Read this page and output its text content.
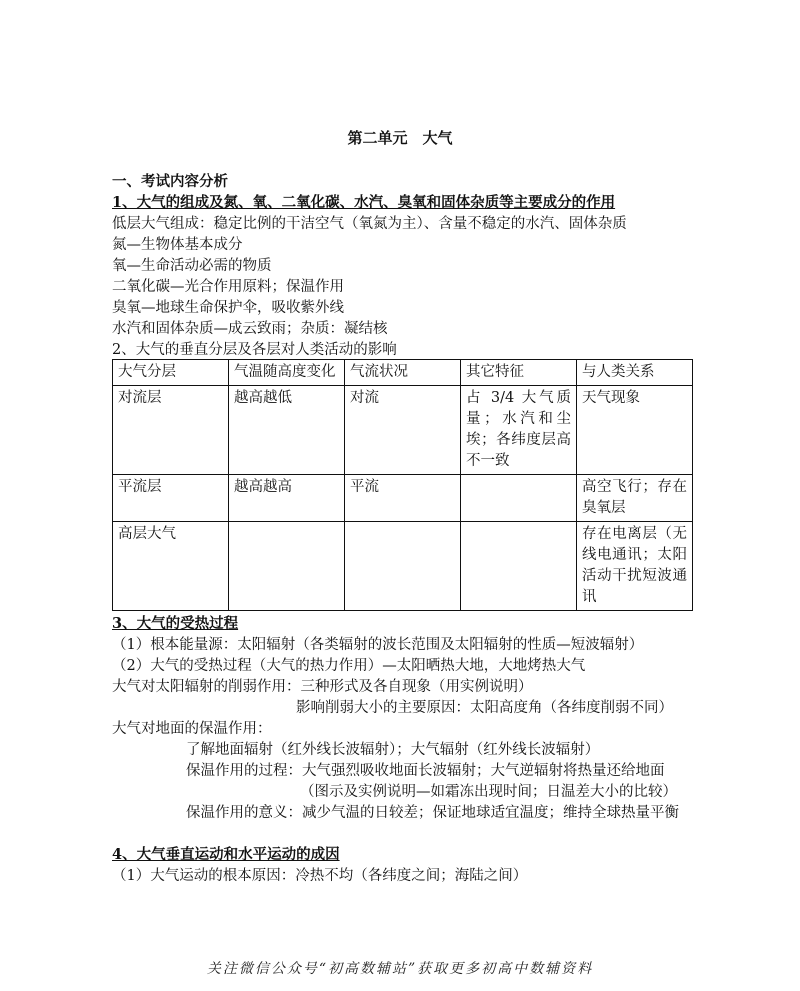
第二单元　大气
一、考试内容分析
1、大气的组成及氮、氧、二氧化碳、水汽、臭氧和固体杂质等主要成分的作用
低层大气组成：稳定比例的干洁空气（氧氮为主）、含量不稳定的水汽、固体杂质
氮—生物体基本成分
氧—生命活动必需的物质
二氧化碳—光合作用原料；保温作用
臭氧—地球生命保护伞，吸收紫外线
水汽和固体杂质—成云致雨；杂质：凝结核
2、大气的垂直分层及各层对人类活动的影响
大气分层	气温随高度变化	气流状况	其它特征	与人类关系
对流层	越高越低	对流	占 3/4 大气质量；水汽和尘埃；各纬度层高不一致	天气现象
平流层	越高越高	平流		高空飞行；存在臭氧层
高层大气				存在电离层（无线电通讯；太阳活动干扰短波通讯
3、大气的受热过程
（1）根本能量源：太阳辐射（各类辐射的波长范围及太阳辐射的性质—短波辐射）
（2）大气的受热过程（大气的热力作用）—太阳晒热大地，大地烤热大气
大气对太阳辐射的削弱作用：三种形式及各自现象（用实例说明）
影响削弱大小的主要原因：太阳高度角（各纬度削弱不同）
大气对地面的保温作用：
了解地面辐射（红外线长波辐射）；大气辐射（红外线长波辐射）
保温作用的过程：大气强烈吸收地面长波辐射；大气逆辐射将热量还给地面
（图示及实例说明—如霜冻出现时间；日温差大小的比较）
保温作用的意义：减少气温的日较差；保证地球适宜温度；维持全球热量平衡
4、大气垂直运动和水平运动的成因
（1）大气运动的根本原因：冷热不均（各纬度之间；海陆之间）
关注微信公众号“初高数辅站”获取更多初高中数辅资料
